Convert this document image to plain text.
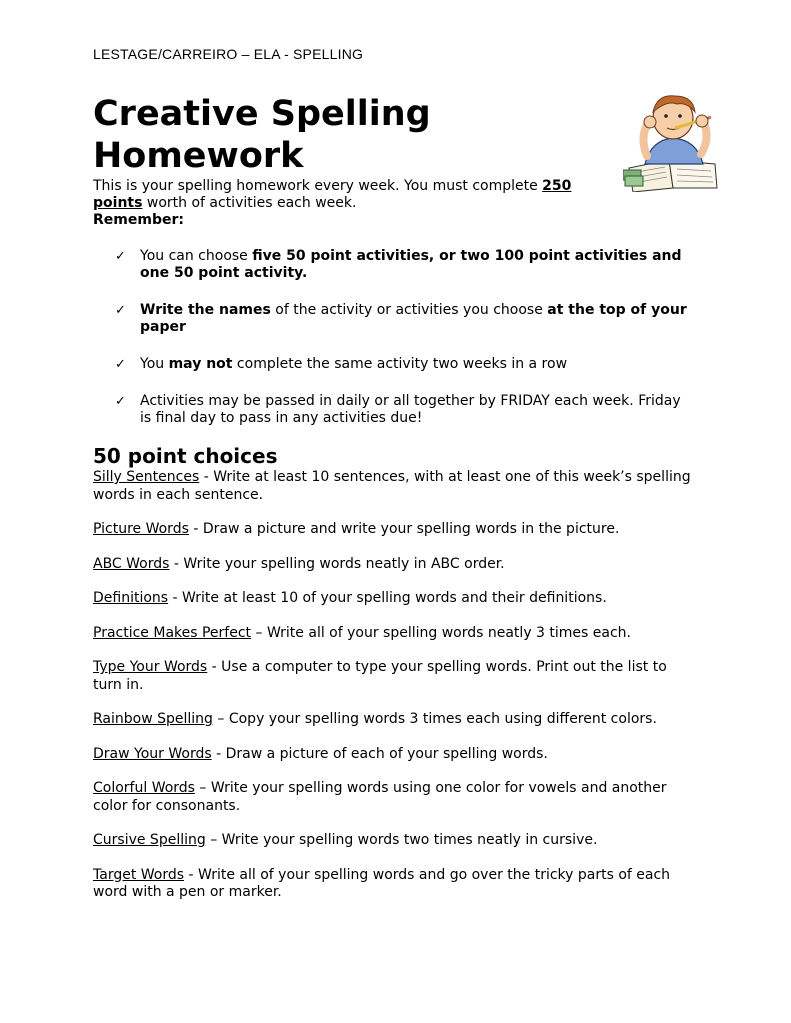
LESTAGE/CARREIRO – ELA - SPELLING
Creative Spelling Homework
This is your spelling homework every week. You must complete 250 points worth of activities each week.
Remember:
✓ You can choose five 50 point activities, or two 100 point activities and one 50 point activity.
✓ Write the names of the activity or activities you choose at the top of your paper
✓ You may not complete the same activity two weeks in a row
✓ Activities may be passed in daily or all together by FRIDAY each week. Friday is final day to pass in any activities due!
50 point choices
Silly Sentences - Write at least 10 sentences, with at least one of this week’s spelling words in each sentence.
Picture Words - Draw a picture and write your spelling words in the picture.
ABC Words - Write your spelling words neatly in ABC order.
Definitions - Write at least 10 of your spelling words and their definitions.
Practice Makes Perfect – Write all of your spelling words neatly 3 times each.
Type Your Words - Use a computer to type your spelling words. Print out the list to turn in.
Rainbow Spelling – Copy your spelling words 3 times each using different colors.
Draw Your Words - Draw a picture of each of your spelling words.
Colorful Words – Write your spelling words using one color for vowels and another color for consonants.
Cursive Spelling – Write your spelling words two times neatly in cursive.
Target Words - Write all of your spelling words and go over the tricky parts of each word with a pen or marker.
